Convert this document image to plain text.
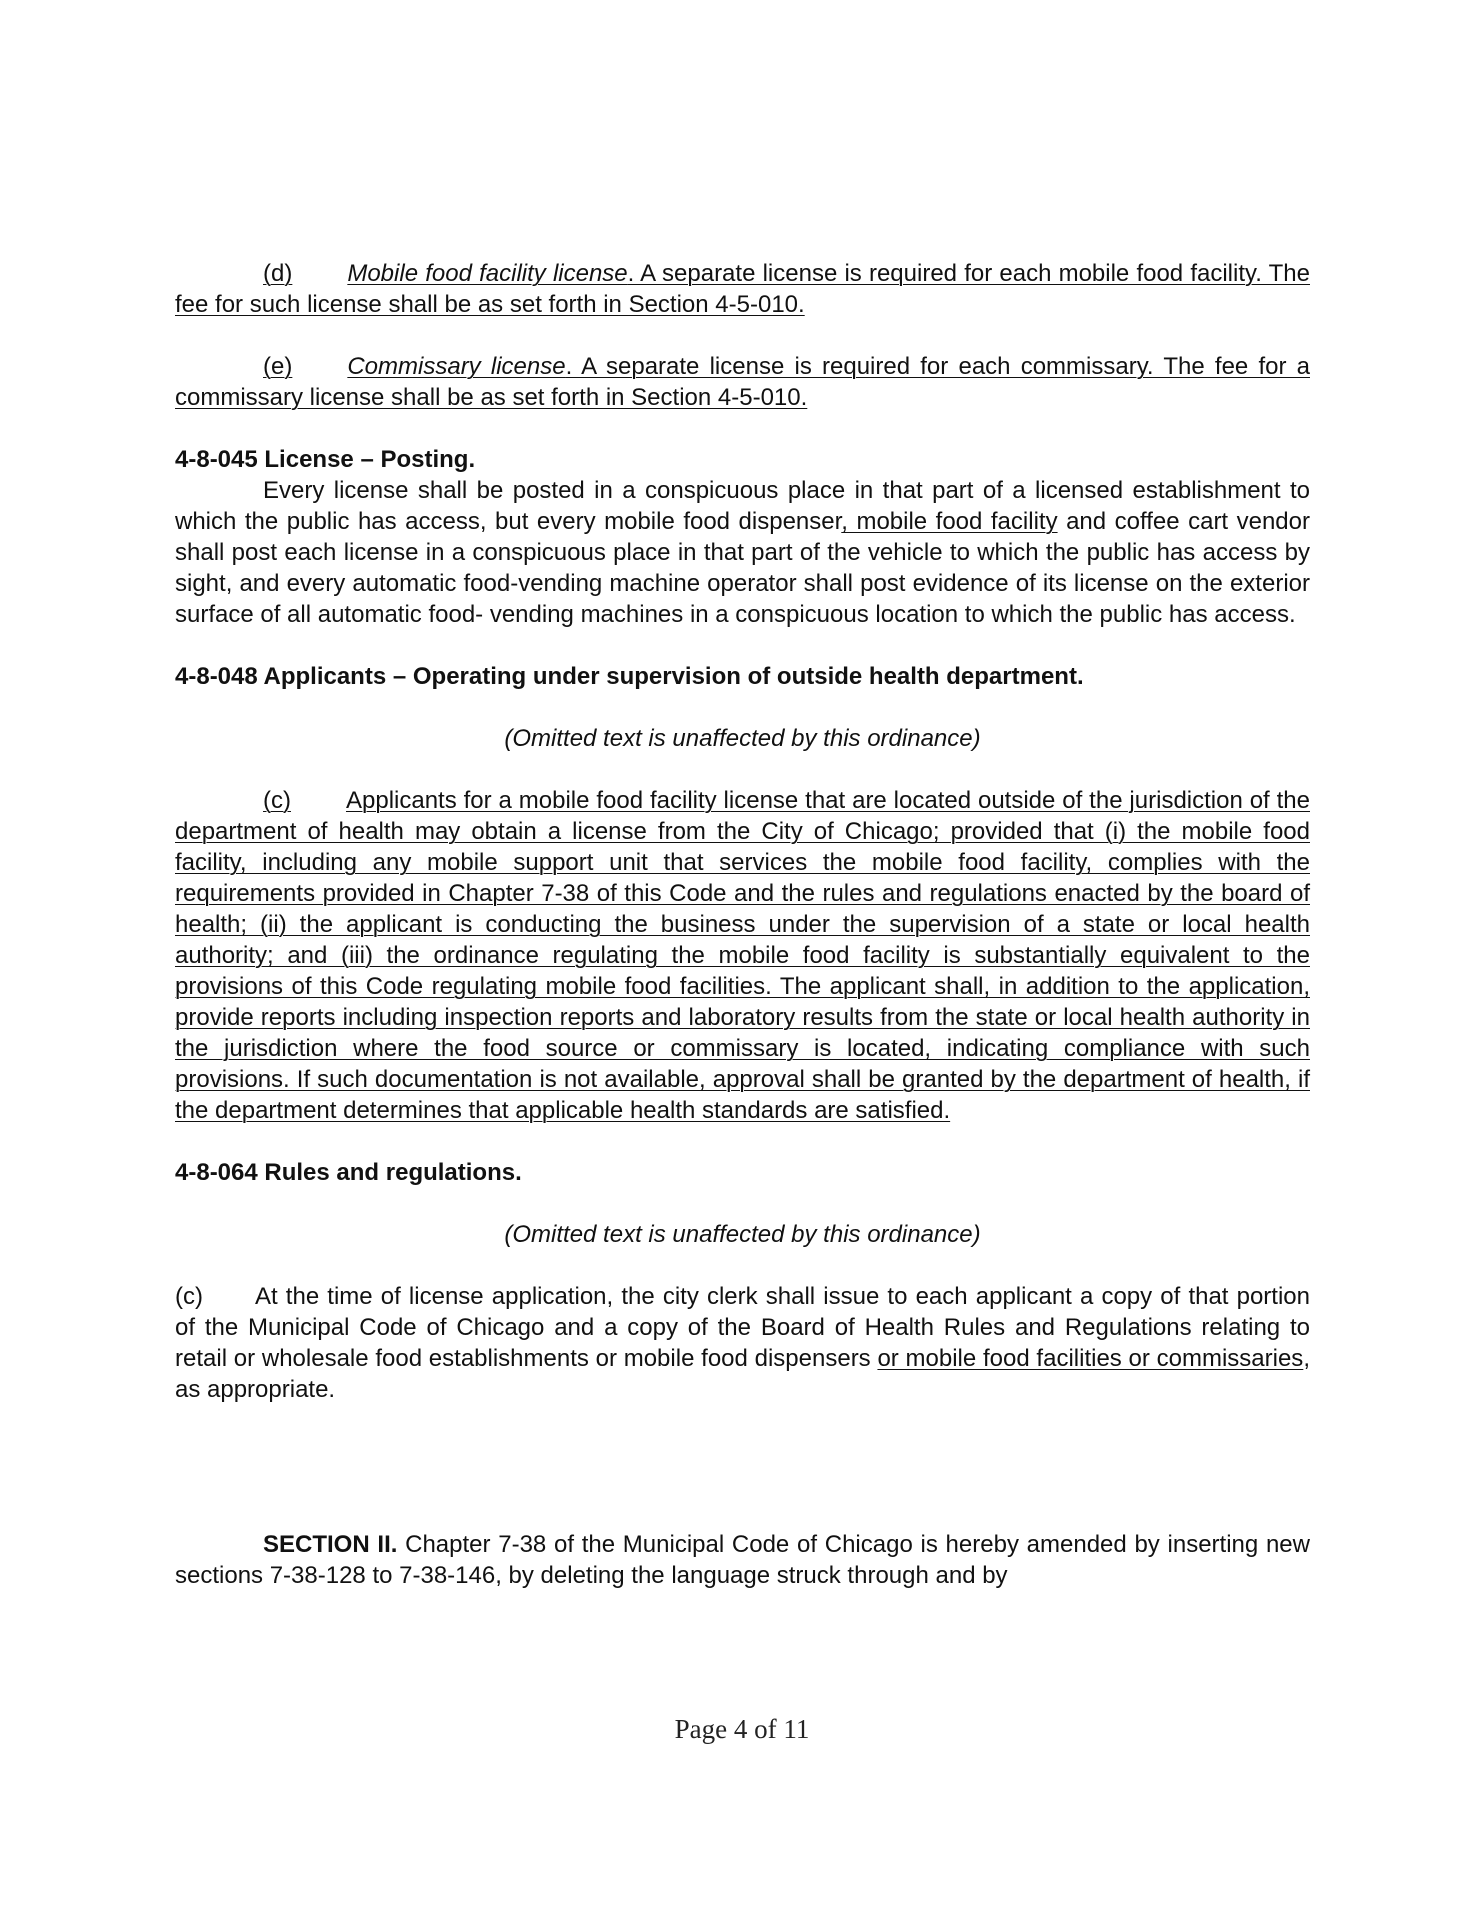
(d) Mobile food facility license. A separate license is required for each mobile food facility. The fee for such license shall be as set forth in Section 4-5-010.

(e) Commissary license. A separate license is required for each commissary. The fee for a commissary license shall be as set forth in Section 4-5-010.

4-8-045 License – Posting.

Every license shall be posted in a conspicuous place in that part of a licensed establishment to which the public has access, but every mobile food dispenser, mobile food facility and coffee cart vendor shall post each license in a conspicuous place in that part of the vehicle to which the public has access by sight, and every automatic food-vending machine operator shall post evidence of its license on the exterior surface of all automatic food- vending machines in a conspicuous location to which the public has access.

4-8-048 Applicants – Operating under supervision of outside health department.

(Omitted text is unaffected by this ordinance)

(c) Applicants for a mobile food facility license that are located outside of the jurisdiction of the department of health may obtain a license from the City of Chicago; provided that (i) the mobile food facility, including any mobile support unit that services the mobile food facility, complies with the requirements provided in Chapter 7-38 of this Code and the rules and regulations enacted by the board of health; (ii) the applicant is conducting the business under the supervision of a state or local health authority; and (iii) the ordinance regulating the mobile food facility is substantially equivalent to the provisions of this Code regulating mobile food facilities. The applicant shall, in addition to the application, provide reports including inspection reports and laboratory results from the state or local health authority in the jurisdiction where the food source or commissary is located, indicating compliance with such provisions. If such documentation is not available, approval shall be granted by the department of health, if the department determines that applicable health standards are satisfied.

4-8-064 Rules and regulations.

(Omitted text is unaffected by this ordinance)

(c) At the time of license application, the city clerk shall issue to each applicant a copy of that portion of the Municipal Code of Chicago and a copy of the Board of Health Rules and Regulations relating to retail or wholesale food establishments or mobile food dispensers or mobile food facilities or commissaries, as appropriate.

SECTION II. Chapter 7-38 of the Municipal Code of Chicago is hereby amended by inserting new sections 7-38-128 to 7-38-146, by deleting the language struck through and by

Page 4 of 11
